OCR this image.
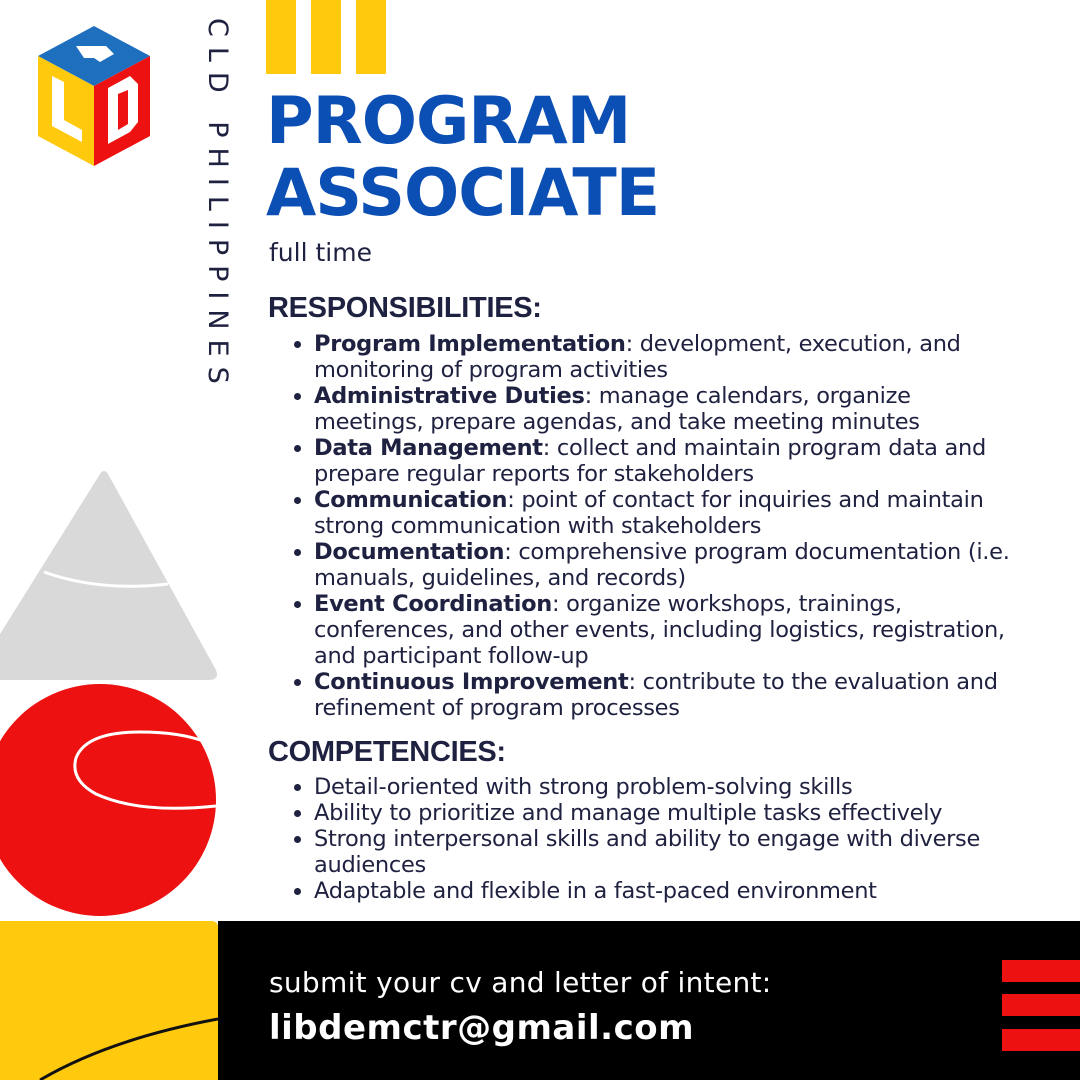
CLD PHILIPPINES PROGRAM
ASSOCIATE
full time
RESPONSIBILITIES:
• Program Implementation: development, execution, and monitoring of program activities
• Administrative Duties: manage calendars, organize meetings, prepare agendas, and take meeting minutes
• Data Management: collect and maintain program data and prepare regular reports for stakeholders
• Communication: point of contact for inquiries and maintain strong communication with stakeholders
• Documentation: comprehensive program documentation (i.e. manuals, guidelines, and records)
• Event Coordination: organize workshops, trainings, conferences, and other events, including logistics, registration, and participant follow-up
• Continuous Improvement: contribute to the evaluation and refinement of program processes
COMPETENCIES:
• Detail-oriented with strong problem-solving skills
• Ability to prioritize and manage multiple tasks effectively
• Strong interpersonal skills and ability to engage with diverse audiences
• Adaptable and flexible in a fast-paced environment
submit your cv and letter of intent:
libdemctr@gmail.com
